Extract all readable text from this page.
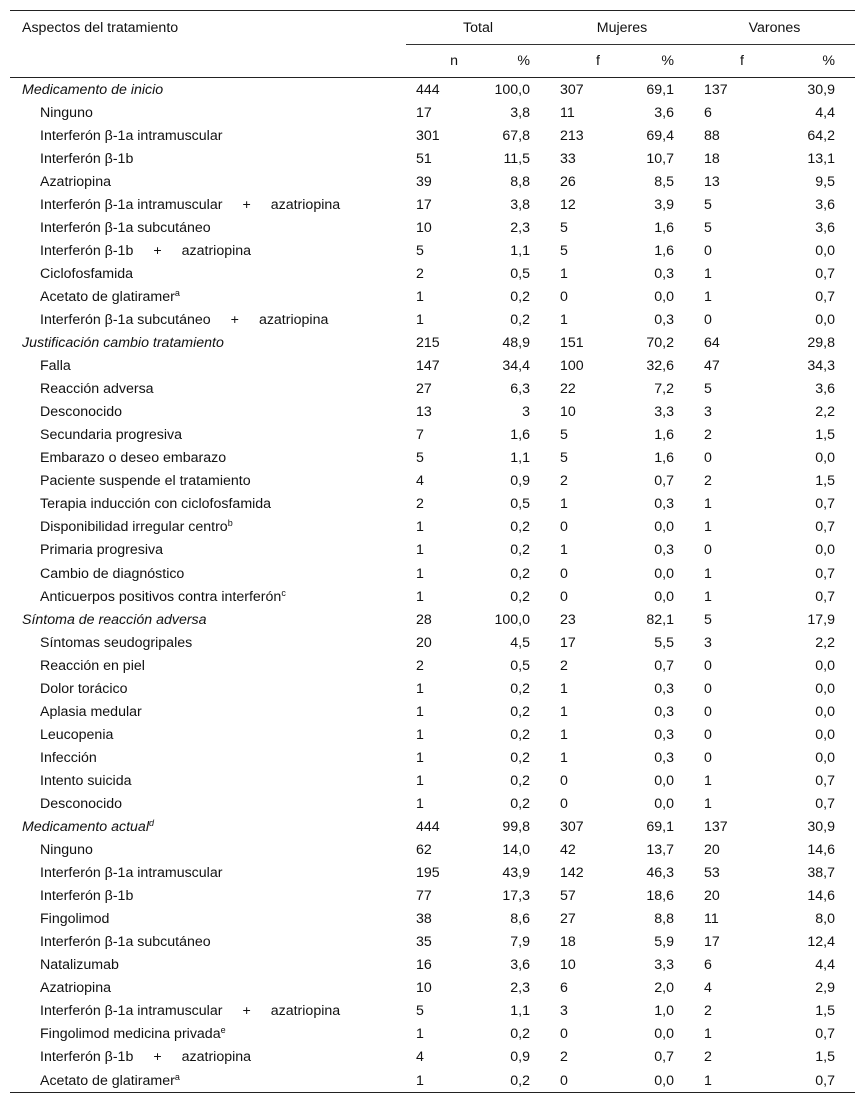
Aspectos del tratamiento	Total		Mujeres		Varones	
	n	%	f	%	f	%
Medicamento de inicio	444	100,0	307	69,1	137	30,9
Ninguno	17	3,8	11	3,6	6	4,4
Interferón β-1a intramuscular	301	67,8	213	69,4	88	64,2
Interferón β-1b	51	11,5	33	10,7	18	13,1
Azatriopina	39	8,8	26	8,5	13	9,5
Interferón β-1a intramuscular + azatriopina	17	3,8	12	3,9	5	3,6
Interferón β-1a subcutáneo	10	2,3	5	1,6	5	3,6
Interferón β-1b + azatriopina	5	1,1	5	1,6	0	0,0
Ciclofosfamida	2	0,5	1	0,3	1	0,7
Acetato de glatiramer$^a$	1	0,2	0	0,0	1	0,7
Interferón β-1a subcutáneo + azatriopina	1	0,2	1	0,3	0	0,0
Justificación cambio tratamiento	215	48,9	151	70,2	64	29,8
Falla	147	34,4	100	32,6	47	34,3
Reacción adversa	27	6,3	22	7,2	5	3,6
Desconocido	13	3	10	3,3	3	2,2
Secundaria progresiva	7	1,6	5	1,6	2	1,5
Embarazo o deseo embarazo	5	1,1	5	1,6	0	0,0
Paciente suspende el tratamiento	4	0,9	2	0,7	2	1,5
Terapia inducción con ciclofosfamida	2	0,5	1	0,3	1	0,7
Disponibilidad irregular centro$^b$	1	0,2	0	0,0	1	0,7
Primaria progresiva	1	0,2	1	0,3	0	0,0
Cambio de diagnóstico	1	0,2	0	0,0	1	0,7
Anticuerpos positivos contra interferón$^c$	1	0,2	0	0,0	1	0,7
Síntoma de reacción adversa	28	100,0	23	82,1	5	17,9
Síntomas seudogripales	20	4,5	17	5,5	3	2,2
Reacción en piel	2	0,5	2	0,7	0	0,0
Dolor torácico	1	0,2	1	0,3	0	0,0
Aplasia medular	1	0,2	1	0,3	0	0,0
Leucopenia	1	0,2	1	0,3	0	0,0
Infección	1	0,2	1	0,3	0	0,0
Intento suicida	1	0,2	0	0,0	1	0,7
Desconocido	1	0,2	0	0,0	1	0,7
Medicamento actual$^d$	444	99,8	307	69,1	137	30,9
Ninguno	62	14,0	42	13,7	20	14,6
Interferón β-1a intramuscular	195	43,9	142	46,3	53	38,7
Interferón β-1b	77	17,3	57	18,6	20	14,6
Fingolimod	38	8,6	27	8,8	11	8,0
Interferón β-1a subcutáneo	35	7,9	18	5,9	17	12,4
Natalizumab	16	3,6	10	3,3	6	4,4
Azatriopina	10	2,3	6	2,0	4	2,9
Interferón β-1a intramuscular + azatriopina	5	1,1	3	1,0	2	1,5
Fingolimod medicina privada$^e$	1	0,2	0	0,0	1	0,7
Interferón β-1b + azatriopina	4	0,9	2	0,7	2	1,5
Acetato de glatiramer$^a$	1	0,2	0	0,0	1	0,7
